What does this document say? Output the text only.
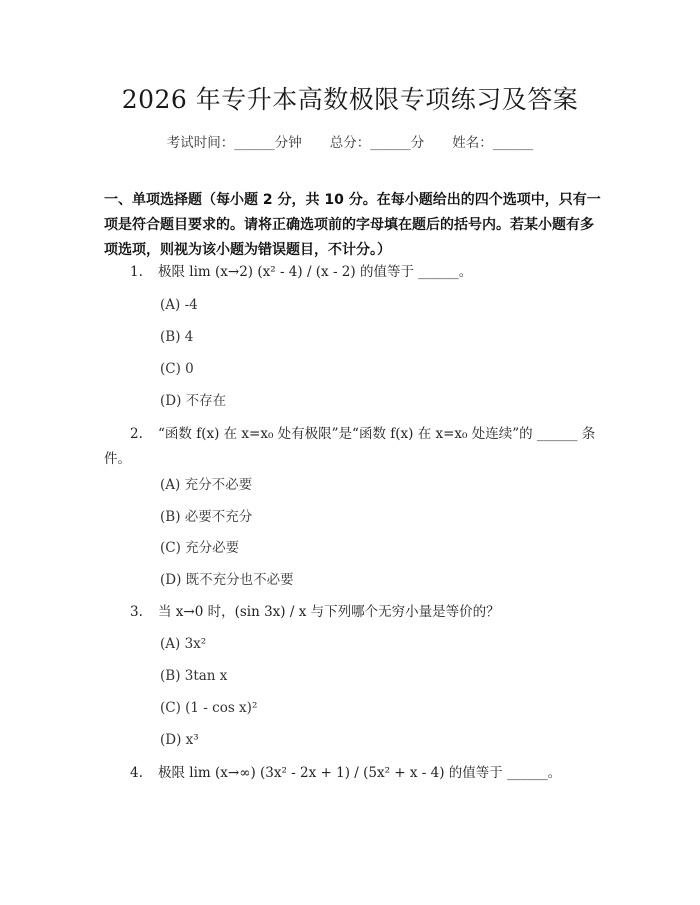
2026 年专升本高数极限专项练习及答案
考试时间：______分钟 总分：______分 姓名：______
一、单项选择题（每小题 2 分，共 10 分。在每小题给出的四个选项中，只有一项是符合题目要求的。请将正确选项前的字母填在题后的括号内。若某小题有多项选项，则视为该小题为错误题目，不计分。）
1. 极限 lim (x→2) (x² - 4) / (x - 2) 的值等于 ______。
(A) -4
(B) 4
(C) 0
(D) 不存在
2. “函数 f(x) 在 x=x₀ 处有极限”是“函数 f(x) 在 x=x₀ 处连续”的 ______ 条件。
(A) 充分不必要
(B) 必要不充分
(C) 充分必要
(D) 既不充分也不必要
3. 当 x→0 时，(sin 3x) / x 与下列哪个无穷小量是等价的？
(A) 3x²
(B) 3tan x
(C) (1 - cos x)²
(D) x³
4. 极限 lim (x→∞) (3x² - 2x + 1) / (5x² + x - 4) 的值等于 ______。
